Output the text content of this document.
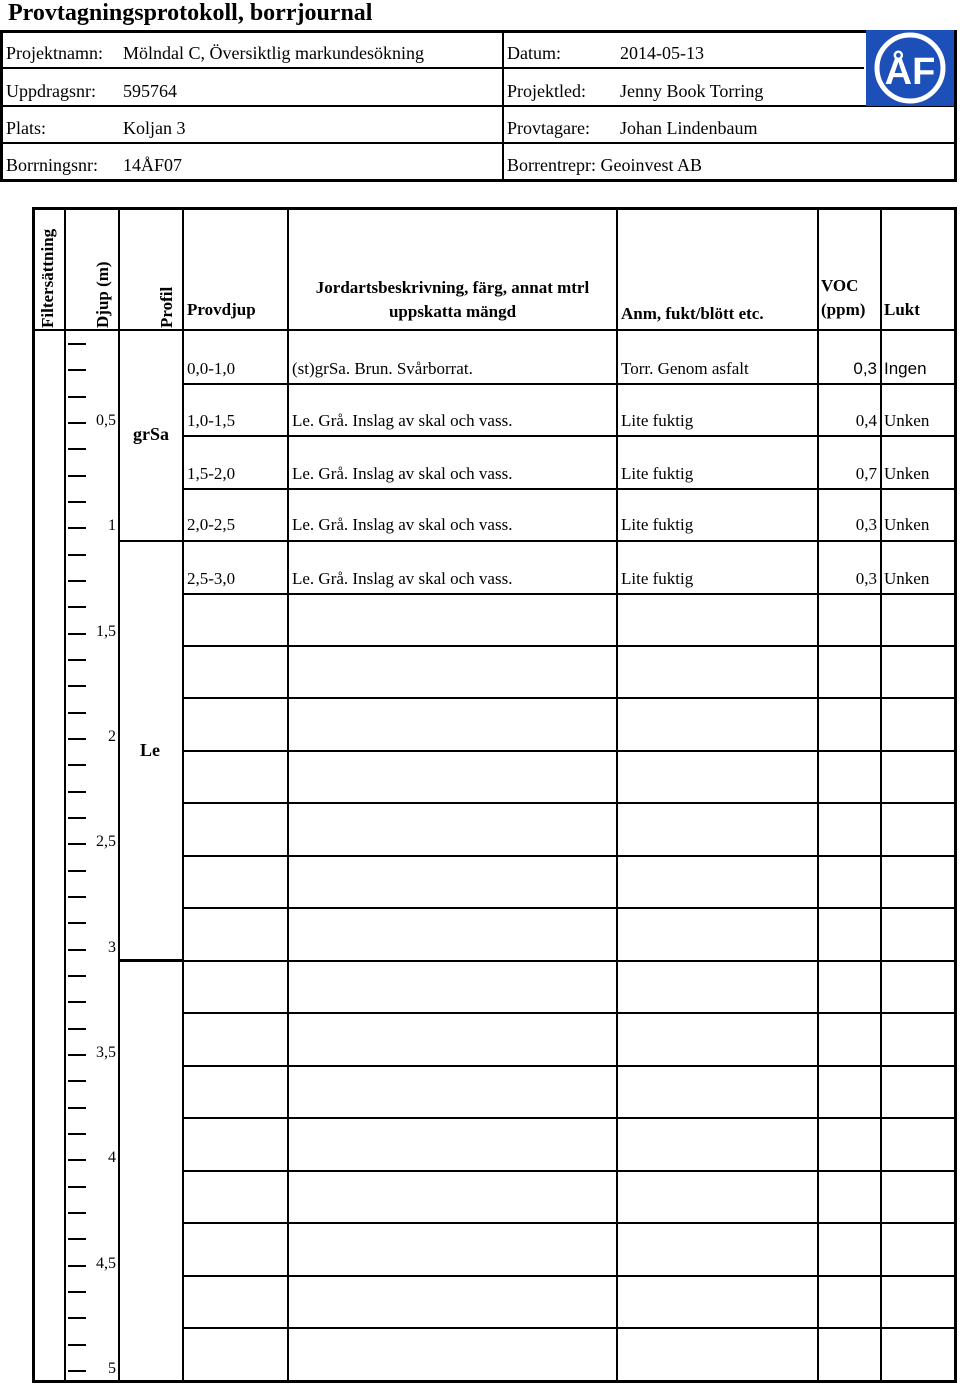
Provtagningsprotokoll, borrjournal
Projektnamn: Mölndal C, Översiktlig markundesökning	Datum:	2014-05-13
Uppdragsnr: 595764	Projektled: Jenny Book Torring
Plats:	Koljan 3	Provtagare: Johan Lindenbaum
Borrningsnr: 14ÅF07	Borrentrepr: Geoinvest AB
ÅF
Filtersättning Djup (m)	Profil Provdjup
Jordartsbeskrivning, färg, annat mtrl
uppskatta mängd	Anm, fukt/blött etc.
VOC
(ppm) Lukt
0,5
1
1,5
2
2,5
3
3,5
4
4,5
5
grSa
Le
0,0-1,0	(st)grSa. Brun. Svårborrat.	Torr. Genom asfalt	0,3 Ingen
1,0-1,5	Le. Grå. Inslag av skal och vass.	Lite fuktig	0,4 Unken
1,5-2,0	Le. Grå. Inslag av skal och vass.	Lite fuktig	0,7 Unken
2,0-2,5	Le. Grå. Inslag av skal och vass.	Lite fuktig	0,3 Unken
2,5-3,0	Le. Grå. Inslag av skal och vass.	Lite fuktig	0,3 Unken
